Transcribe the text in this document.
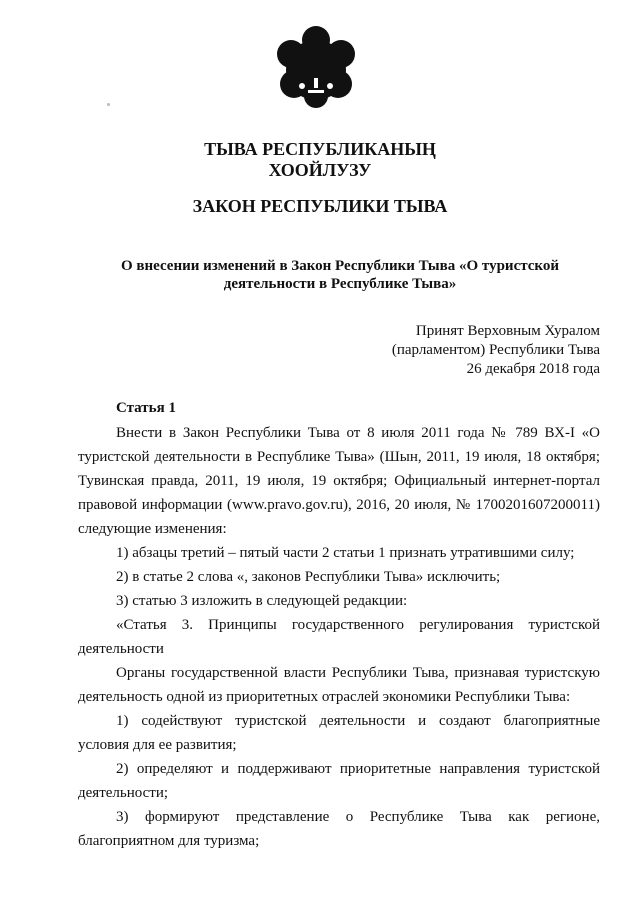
ТЫВА РЕСПУБЛИКАНЫҢ
ХООЙЛУЗУ
ЗАКОН РЕСПУБЛИКИ ТЫВА
О внесении изменений в Закон Республики Тыва «О туристской
деятельности в Республике Тыва»
Принят Верховным Хуралом
(парламентом) Республики Тыва
26 декабря 2018 года

Статья 1

Внести в Закон Республики Тыва от 8 июля 2011 года № 789 ВХ-I «О туристской деятельности в Республике Тыва» (Шын, 2011, 19 июля, 18 октября; Тувинская правда, 2011, 19 июля, 19 октября; Официальный интернет-портал правовой информации (www.pravo.gov.ru), 2016, 20 июля, № 1700201607200011) следующие изменения:

1) абзацы третий – пятый части 2 статьи 1 признать утратившими силу;

2) в статье 2 слова «, законов Республики Тыва» исключить;

3) статью 3 изложить в следующей редакции:

«Статья 3. Принципы государственного регулирования туристской деятельности

Органы государственной власти Республики Тыва, признавая туристскую деятельность одной из приоритетных отраслей экономики Республики Тыва:

1) содействуют туристской деятельности и создают благоприятные условия для ее развития;

2) определяют и поддерживают приоритетные направления туристской деятельности;

3) формируют представление о Республике Тыва как регионе, благоприятном для туризма;
